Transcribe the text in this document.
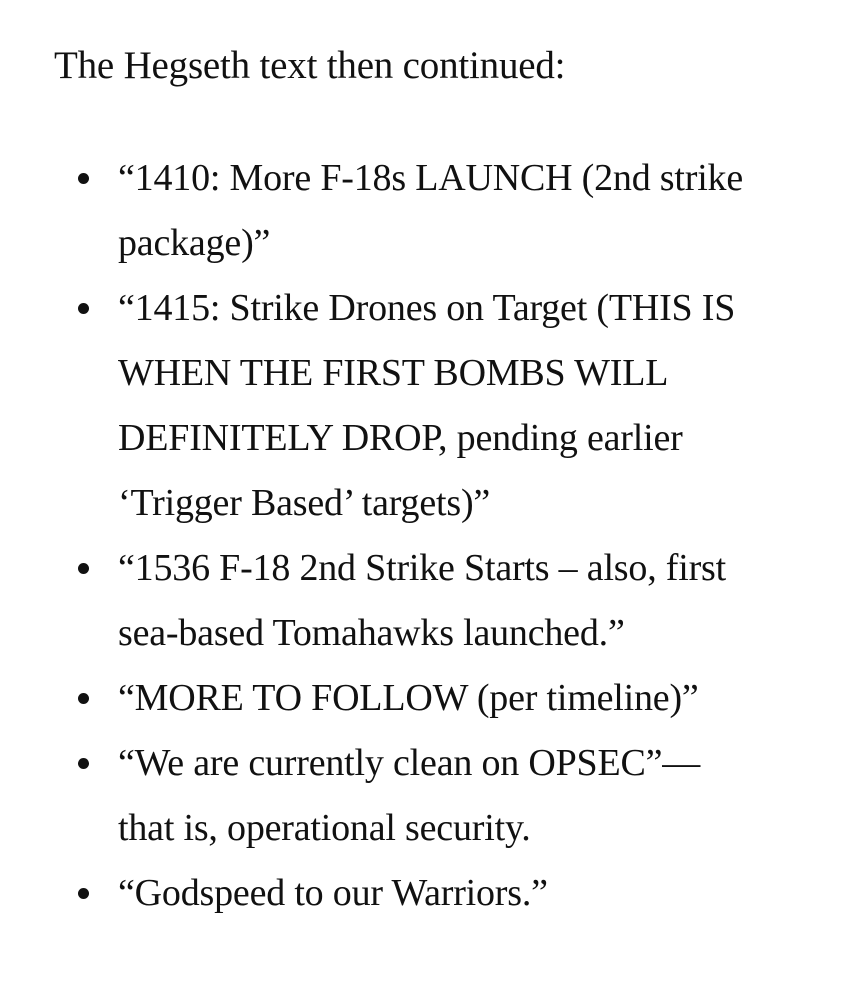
The Hegseth text then continued:

“1410: More F-18s LAUNCH (2nd strike package)”
“1415: Strike Drones on Target (THIS IS WHEN THE FIRST BOMBS WILL DEFINITELY DROP, pending earlier ‘Trigger Based’ targets)”
“1536 F-18 2nd Strike Starts – also, first sea-based Tomahawks launched.”
“MORE TO FOLLOW (per timeline)”
“We are currently clean on OPSEC”—that is, operational security.
“Godspeed to our Warriors.”
